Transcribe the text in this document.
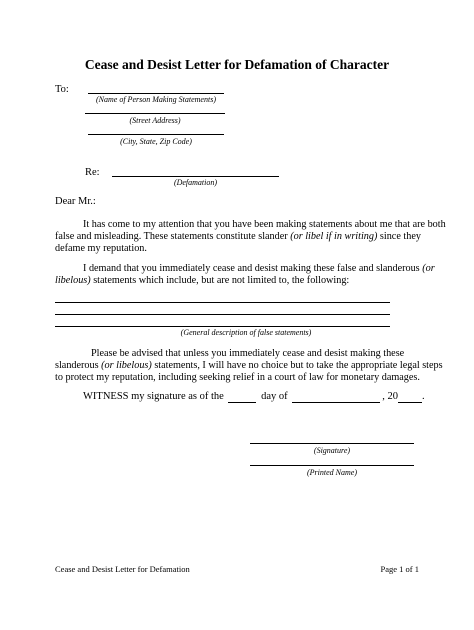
Cease and Desist Letter for Defamation of Character
To:
(Name of Person Making Statements)
(Street Address)
(City, State, Zip Code)
Re:
(Defamation)
Dear Mr.:
It has come to my attention that you have been making statements about me that are both
false and misleading. These statements constitute slander (or libel if in writing) since they
defame my reputation.
I demand that you immediately cease and desist making these false and slanderous (or
libelous) statements which include, but are not limited to, the following:
(General description of false statements)
Please be advised that unless you immediately cease and desist making these
slanderous (or libelous) statements, I will have no choice but to take the appropriate legal steps
to protect my reputation, including seeking relief in a court of law for monetary damages.
WITNESS my signature as of the	day of	, 20 .
(Signature)
(Printed Name)
Cease and Desist Letter for Defamation	Page 1 of 1
